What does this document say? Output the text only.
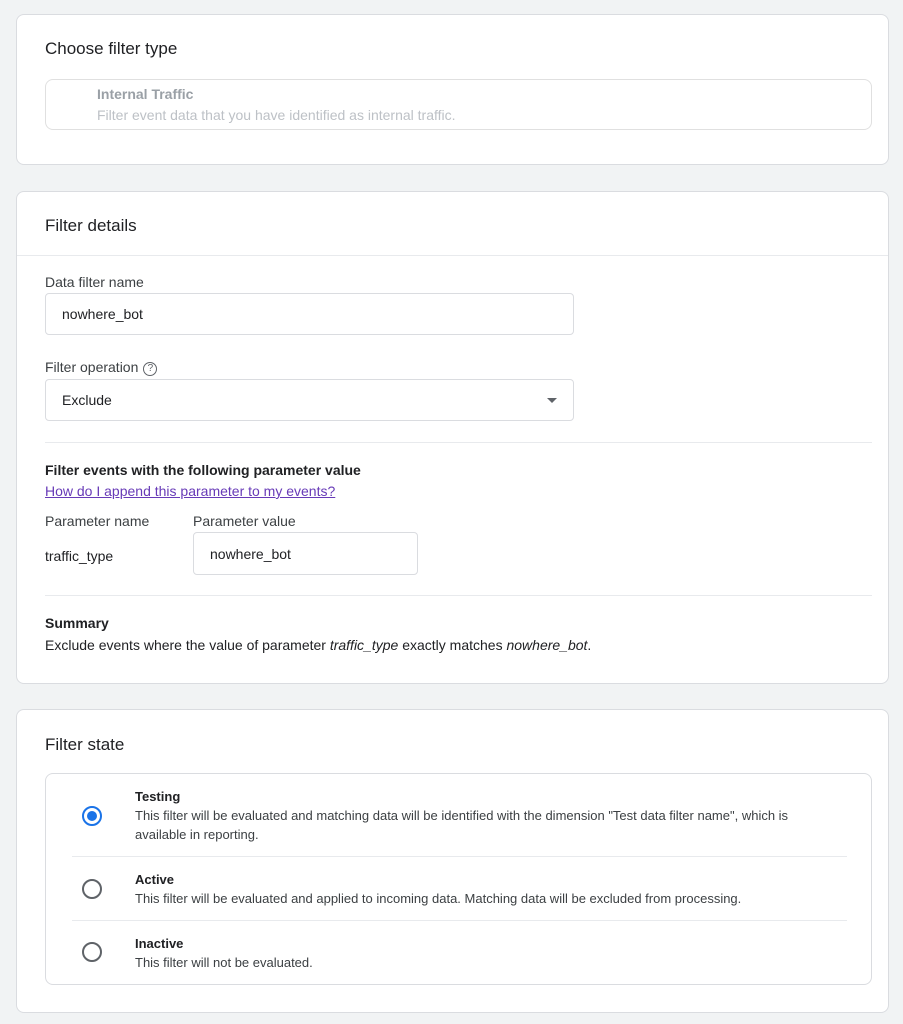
Choose filter type
Internal Traffic
Filter event data that you have identified as internal traffic.
Filter details
Data filter name
nowhere_bot
Filter operation ?
Exclude
Filter events with the following parameter value
How do I append this parameter to my events?
Parameter name	Parameter value
traffic_type
nowhere_bot
Summary
Exclude events where the value of parameter traffic_type exactly matches nowhere_bot.
Filter state
Testing
This filter will be evaluated and matching data will be identified with the dimension "Test data filter name", which is available in reporting.
Active
This filter will be evaluated and applied to incoming data. Matching data will be excluded from processing.
Inactive
This filter will not be evaluated.
